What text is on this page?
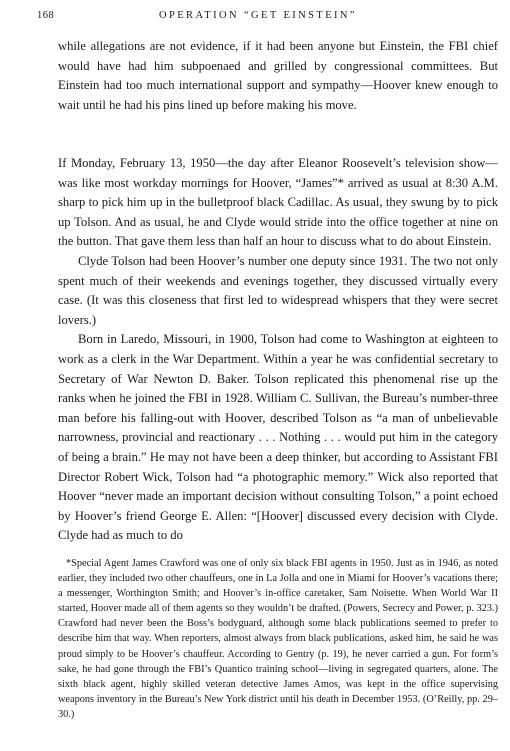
168	OPERATION “GET EINSTEIN”

while allegations are not evidence, if it had been anyone but Einstein, the FBI chief would have had him subpoenaed and grilled by congressional committees. But Einstein had too much international support and sympathy—Hoover knew enough to wait until he had his pins lined up before making his move.

If Monday, February 13, 1950—the day after Eleanor Roosevelt’s television show—was like most workday mornings for Hoover, “James”* arrived as usual at 8:30 A.M. sharp to pick him up in the bulletproof black Cadillac. As usual, they swung by to pick up Tolson. And as usual, he and Clyde would stride into the office together at nine on the button. That gave them less than half an hour to discuss what to do about Einstein.

Clyde Tolson had been Hoover’s number one deputy since 1931. The two not only spent much of their weekends and evenings together, they discussed virtually every case. (It was this closeness that first led to widespread whispers that they were secret lovers.)

Born in Laredo, Missouri, in 1900, Tolson had come to Washington at eighteen to work as a clerk in the War Department. Within a year he was confidential secretary to Secretary of War Newton D. Baker. Tolson replicated this phenomenal rise up the ranks when he joined the FBI in 1928. William C. Sullivan, the Bureau’s number-three man before his falling-out with Hoover, described Tolson as “a man of unbelievable narrowness, provincial and reactionary . . . Nothing . . . would put him in the category of being a brain.” He may not have been a deep thinker, but according to Assistant FBI Director Robert Wick, Tolson had “a photographic memory.” Wick also reported that Hoover “never made an important decision without consulting Tolson,” a point echoed by Hoover’s friend George E. Allen: “[Hoover] discussed every decision with Clyde. Clyde had as much to do

*Special Agent James Crawford was one of only six black FBI agents in 1950. Just as in 1946, as noted earlier, they included two other chauffeurs, one in La Jolla and one in Miami for Hoover’s vacations there; a messenger, Worthington Smith; and Hoover’s in-office caretaker, Sam Noisette. When World War II started, Hoover made all of them agents so they wouldn’t be drafted. (Powers, Secrecy and Power, p. 323.) Crawford had never been the Boss’s bodyguard, although some black publications seemed to prefer to describe him that way. When reporters, almost always from black publications, asked him, he said he was proud simply to be Hoover’s chauffeur. According to Gentry (p. 19), he never carried a gun. For form’s sake, he had gone through the FBI’s Quantico training school—living in segregated quarters, alone. The sixth black agent, highly skilled veteran detective James Amos, was kept in the office supervising weapons inventory in the Bureau’s New York district until his death in December 1953. (O’Reilly, pp. 29–30.)
